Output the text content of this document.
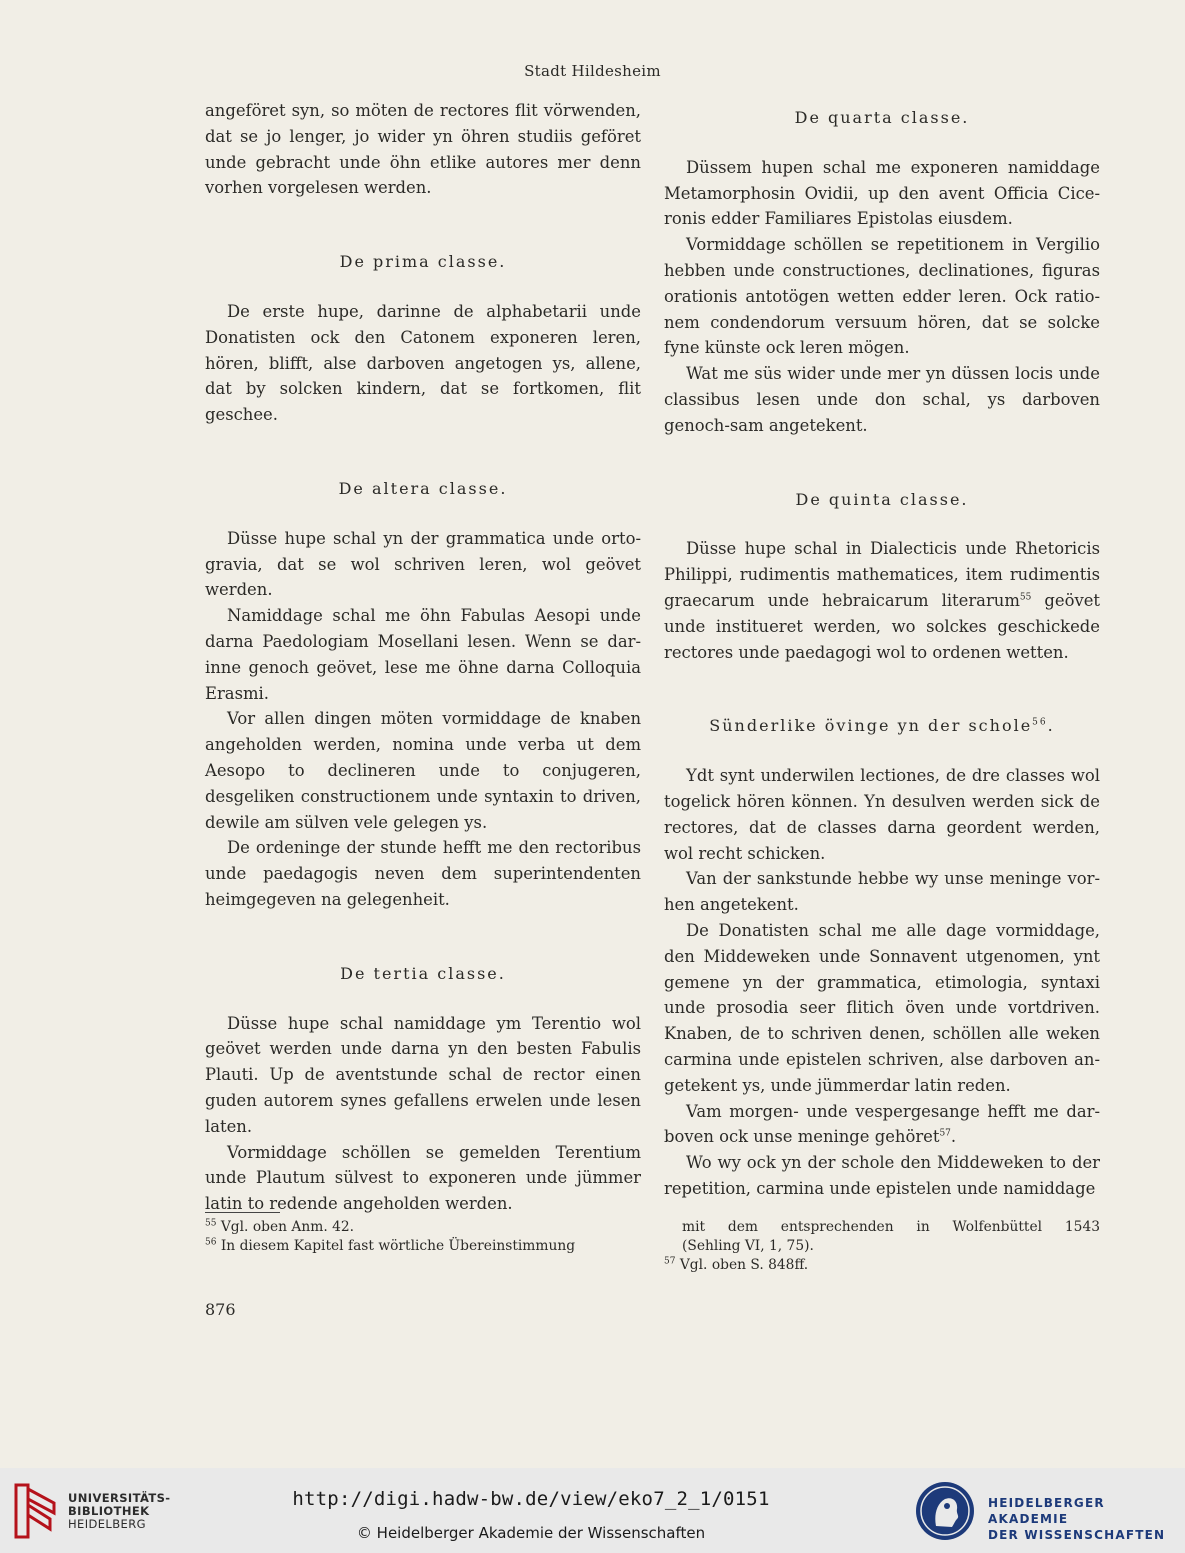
Stadt Hildesheim

angeföret syn, so möten de rectores flit vörwenden, dat se jo lenger, jo wider yn öhren studiis geföret unde gebracht unde öhn etlike autores mer denn vorhen vorgelesen werden.

De prima classe.

De erste hupe, darinne de alphabetarii unde Donatisten ock den Catonem exponeren leren, hören, blifft, alse darboven angetogen ys, allene, dat by solcken kindern, dat se fortkomen, flit geschee.

De altera classe.

Düsse hupe schal yn der grammatica unde orto-gravia, dat se wol schriven leren, wol geövet werden.

Namiddage schal me öhn Fabulas Aesopi unde darna Paedologiam Mosellani lesen. Wenn se dar-inne genoch geövet, lese me öhne darna Colloquia Erasmi.

Vor allen dingen möten vormiddage de knaben angeholden werden, nomina unde verba ut dem Aesopo to declineren unde to conjugeren, desgeliken constructionem unde syntaxin to driven, dewile am sülven vele gelegen ys.

De ordeninge der stunde hefft me den rectoribus unde paedagogis neven dem superintendenten heimgegeven na gelegenheit.

De tertia classe.

Düsse hupe schal namiddage ym Terentio wol geövet werden unde darna yn den besten Fabulis Plauti. Up de aventstunde schal de rector einen guden autorem synes gefallens erwelen unde lesen laten.

Vormiddage schöllen se gemelden Terentium unde Plautum sülvest to exponeren unde jümmer latin to redende angeholden werden.

De quarta classe.

Düssem hupen schal me exponeren namiddage Metamorphosin Ovidii, up den avent Officia Cice-ronis edder Familiares Epistolas eiusdem.

Vormiddage schöllen se repetitionem in Vergilio hebben unde constructiones, declinationes, figuras orationis antotögen wetten edder leren. Ock ratio-nem condendorum versuum hören, dat se solcke fyne künste ock leren mögen.

Wat me süs wider unde mer yn düssen locis unde classibus lesen unde don schal, ys darboven genoch-sam angetekent.

De quinta classe.

Düsse hupe schal in Dialecticis unde Rhetoricis Philippi, rudimentis mathematices, item rudimentis graecarum unde hebraicarum literarum$^{55}$ geövet unde institueret werden, wo solckes geschickede rectores unde paedagogi wol to ordenen wetten.

Sünderlike övinge yn der schole$^{56}$.

Ydt synt underwilen lectiones, de dre classes wol togelick hören können. Yn desulven werden sick de rectores, dat de classes darna geordent werden, wol recht schicken.

Van der sankstunde hebbe wy unse meninge vor-hen angetekent.

De Donatisten schal me alle dage vormiddage, den Middeweken unde Sonnavent utgenomen, ynt gemene yn der grammatica, etimologia, syntaxi unde prosodia seer flitich öven unde vortdriven. Knaben, de to schriven denen, schöllen alle weken carmina unde epistelen schriven, alse darboven an-getekent ys, unde jümmerdar latin reden.

Vam morgen- unde vespergesange hefft me dar-boven ock unse meninge gehöret$^{57}$.

Wo wy ock yn der schole den Middeweken to der repetition, carmina unde epistelen unde namiddage

$^{55}$ Vgl. oben Anm. 42.
$^{56}$ In diesem Kapitel fast wörtliche Übereinstimmung
mit dem entsprechenden in Wolfenbüttel 1543
(Sehling VI, 1, 75).
$^{57}$ Vgl. oben S. 848ff.
876
UNIVERSITÄTS-
BIBLIOTHEK
HEIDELBERG
http://digi.hadw-bw.de/view/eko7_2_1/0151
© Heidelberger Akademie der Wissenschaften
HEIDELBERGER AKADEMIE
DER WISSENSCHAFTEN
